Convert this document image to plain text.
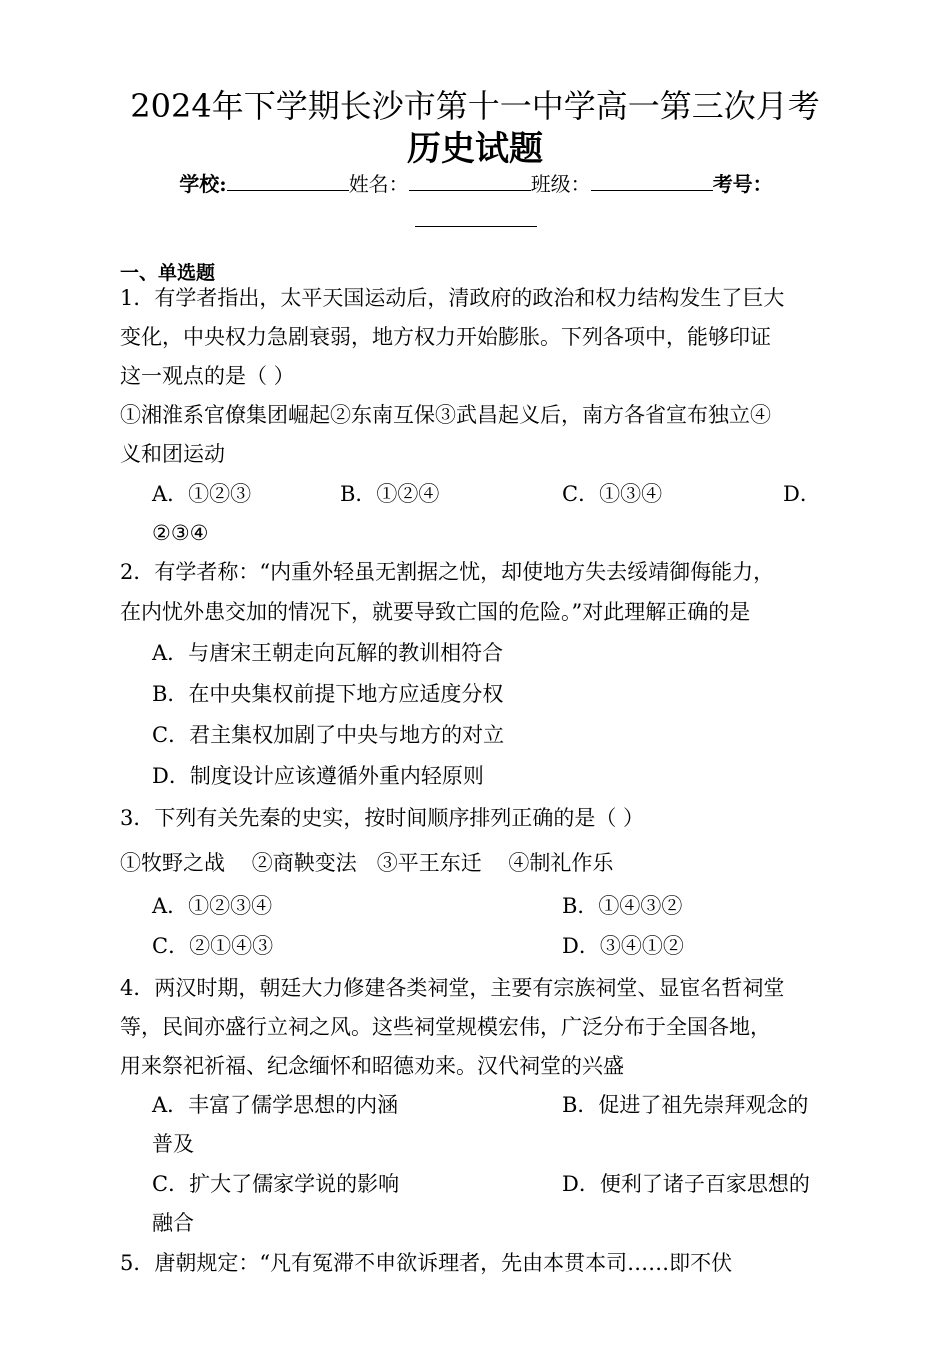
2024年下学期长沙市第十一中学高一第三次月考
历史试题
学校:	姓名：	班级：	考号：

一、单选题
1．有学者指出，太平天国运动后，清政府的政治和权力结构发生了巨大
变化，中央权力急剧衰弱，地方权力开始膨胀。下列各项中，能够印证
这一观点的是（ ）
①湘淮系官僚集团崛起②东南互保③武昌起义后，南方各省宣布独立④
义和团运动
A．①②③	B．①②④	C．①③④	D．
②③④
2．有学者称：“内重外轻虽无割据之忧，却使地方失去绥靖御侮能力，
在内忧外患交加的情况下，就要导致亡国的危险。”对此理解正确的是
A．与唐宋王朝走向瓦解的教训相符合
B．在中央集权前提下地方应适度分权
C．君主集权加剧了中央与地方的对立
D．制度设计应该遵循外重内轻原则
3．下列有关先秦的史实，按时间顺序排列正确的是（ ）
①牧野之战    ②商鞅变法   ③平王东迁    ④制礼作乐
A．①②③④	B．①④③②
C．②①④③	D．③④①②
4．两汉时期，朝廷大力修建各类祠堂，主要有宗族祠堂、显宦名哲祠堂
等，民间亦盛行立祠之风。这些祠堂规模宏伟，广泛分布于全国各地，
用来祭祀祈福、纪念缅怀和昭德劝来。汉代祠堂的兴盛
A．丰富了儒学思想的内涵	B．促进了祖先崇拜观念的
普及
C．扩大了儒家学说的影响	D．便利了诸子百家思想的
融合
5．唐朝规定：“凡有冤滞不申欲诉理者，先由本贯本司……即不伏
